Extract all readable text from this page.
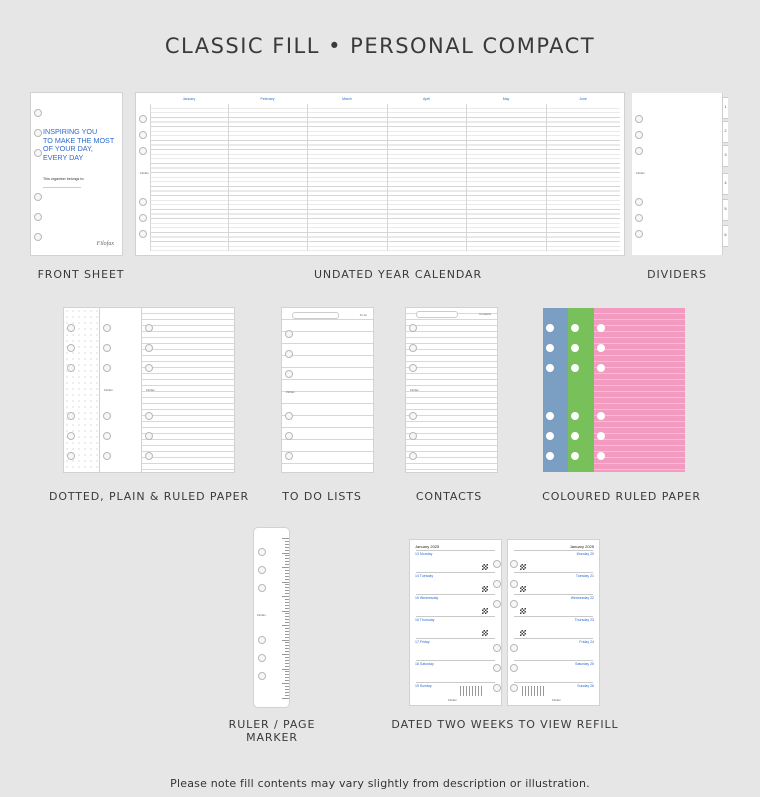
CLASSIC FILL • PERSONAL COMPACT
INSPIRING YOU
TO MAKE THE MOST
OF YOUR DAY,
EVERY DAY
This organiser belongs to:
Filofax
FRONT SHEET
Filofax
January	February	March	April	May	June
UNDATED YEAR CALENDAR
Filofax
1
2
3
4
5
6
DIVIDERS
Filofax	Filofax
DOTTED, PLAIN & RULED PAPER
To do
Filofax
TO DO LISTS
Contacts
Filofax
CONTACTS	COLOURED RULED PAPER
Filofax
RULER / PAGE
MARKER
January 2025
13 Monday
14 Tuesday
15 Wednesday
16 Thursday
17 Friday
18 Saturday
19 Sunday
Filofax
January 2025
Monday 20
Tuesday 21
Wednesday 22
Thursday 23
Friday 24
Saturday 25
Sunday 26
Filofax
DATED TWO WEEKS TO VIEW REFILL
Please note fill contents may vary slightly from description or illustration.
